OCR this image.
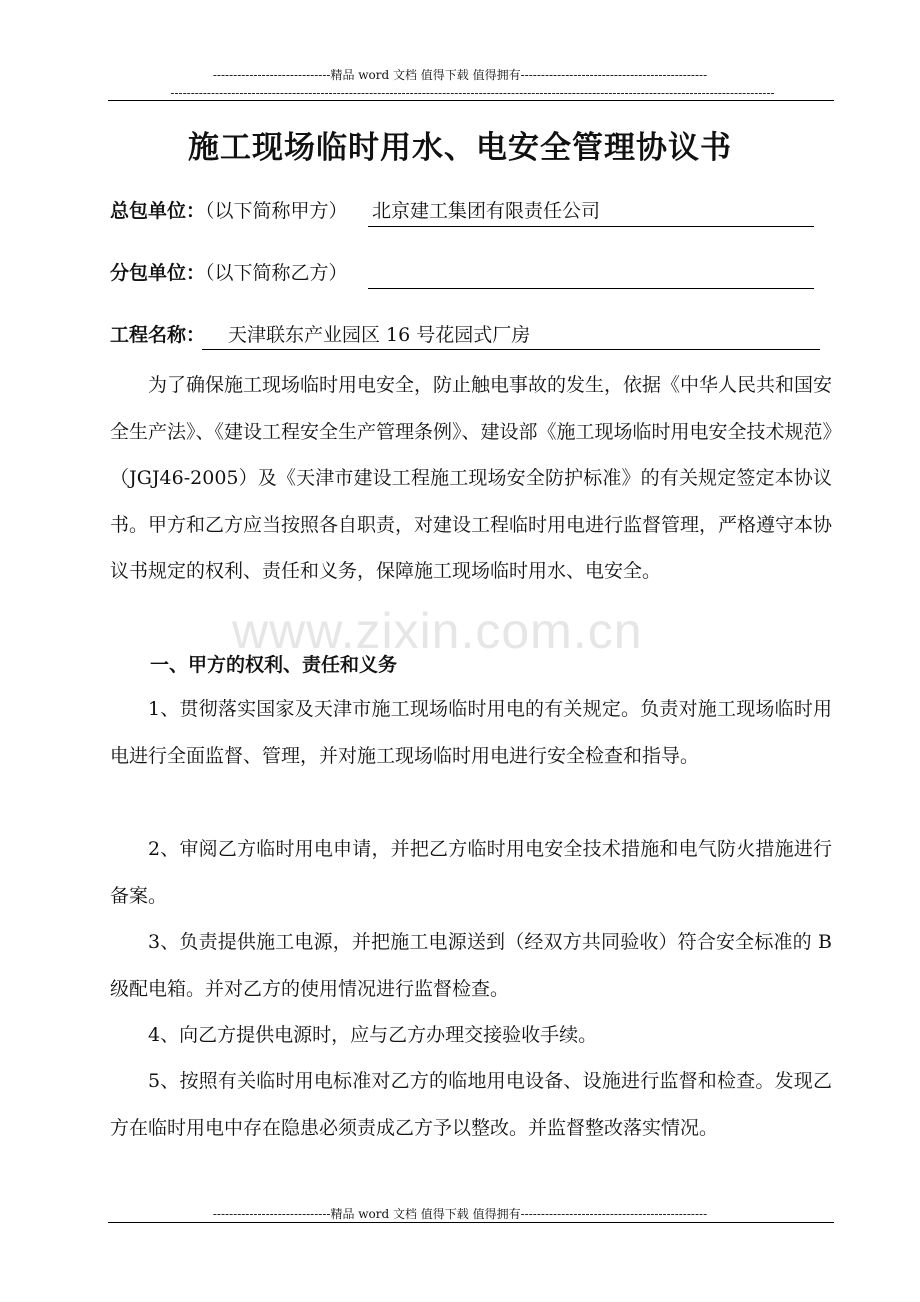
-----------------------------精品 word 文档 值得下载 值得拥有----------------------------------------------
-----------------------------------------------------------------------------------------------------------------------------------------------------
施工现场临时用水、电安全管理协议书
总包单位：（以下简称甲方） 北京建工集团有限责任公司
分包单位：（以下简称乙方）
工程名称：	天津联东产业园区 16 号花园式厂房
为了确保施工现场临时用电安全，防止触电事故的发生，依据《中华人民共和国安全生产法》、《建设工程安全生产管理条例》、建设部《施工现场临时用电安全技术规范》（JGJ46-2005）及《天津市建设工程施工现场安全防护标准》的有关规定签定本协议书。甲方和乙方应当按照各自职责，对建设工程临时用电进行监督管理，严格遵守本协议书规定的权利、责任和义务，保障施工现场临时用水、电安全。
www.zixin.com.cn
一、甲方的权利、责任和义务
1、贯彻落实国家及天津市施工现场临时用电的有关规定。负责对施工现场临时用电进行全面监督、管理，并对施工现场临时用电进行安全检查和指导。
2、审阅乙方临时用电申请，并把乙方临时用电安全技术措施和电气防火措施进行备案。
3、负责提供施工电源，并把施工电源送到（经双方共同验收）符合安全标准的 B 级配电箱。并对乙方的使用情况进行监督检查。
4、向乙方提供电源时，应与乙方办理交接验收手续。
5、按照有关临时用电标准对乙方的临地用电设备、设施进行监督和检查。发现乙方在临时用电中存在隐患必须责成乙方予以整改。并监督整改落实情况。
-----------------------------精品 word 文档 值得下载 值得拥有----------------------------------------------
